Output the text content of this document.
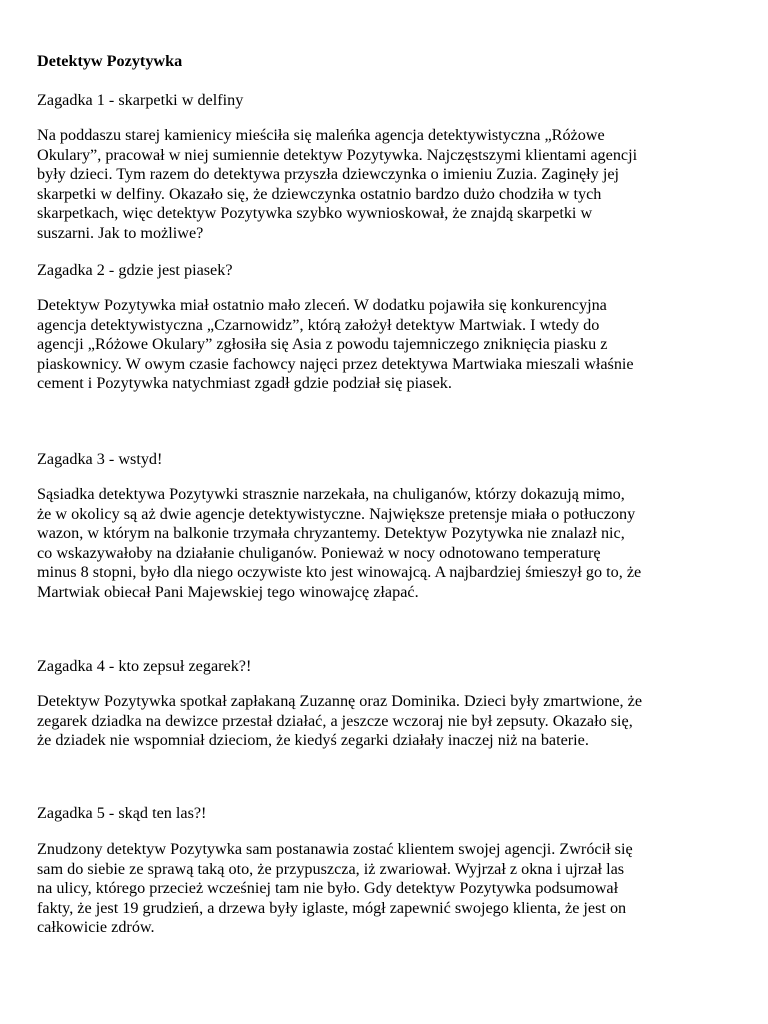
Detektyw Pozytywka

Zagadka 1 - skarpetki w delfiny

Na poddaszu starej kamienicy mieściła się maleńka agencja detektywistyczna „Różowe
Okulary”, pracował w niej sumiennie detektyw Pozytywka. Najczęstszymi klientami agencji
były dzieci. Tym razem do detektywa przyszła dziewczynka o imieniu Zuzia. Zaginęły jej
skarpetki w delfiny. Okazało się, że dziewczynka ostatnio bardzo dużo chodziła w tych
skarpetkach, więc detektyw Pozytywka szybko wywnioskował, że znajdą skarpetki w
suszarni. Jak to możliwe?

Zagadka 2 - gdzie jest piasek?

Detektyw Pozytywka miał ostatnio mało zleceń. W dodatku pojawiła się konkurencyjna
agencja detektywistyczna „Czarnowidz”, którą założył detektyw Martwiak. I wtedy do
agencji „Różowe Okulary” zgłosiła się Asia z powodu tajemniczego zniknięcia piasku z
piaskownicy. W owym czasie fachowcy najęci przez detektywa Martwiaka mieszali właśnie
cement i Pozytywka natychmiast zgadł gdzie podział się piasek.

Zagadka 3 - wstyd!

Sąsiadka detektywa Pozytywki strasznie narzekała, na chuliganów, którzy dokazują mimo,
że w okolicy są aż dwie agencje detektywistyczne. Największe pretensje miała o potłuczony
wazon, w którym na balkonie trzymała chryzantemy. Detektyw Pozytywka nie znalazł nic,
co wskazywałoby na działanie chuliganów. Ponieważ w nocy odnotowano temperaturę
minus 8 stopni, było dla niego oczywiste kto jest winowajcą. A najbardziej śmieszył go to, że
Martwiak obiecał Pani Majewskiej tego winowajcę złapać.

Zagadka 4 - kto zepsuł zegarek?!

Detektyw Pozytywka spotkał zapłakaną Zuzannę oraz Dominika. Dzieci były zmartwione, że
zegarek dziadka na dewizce przestał działać, a jeszcze wczoraj nie był zepsuty. Okazało się,
że dziadek nie wspomniał dzieciom, że kiedyś zegarki działały inaczej niż na baterie.

Zagadka 5 - skąd ten las?!

Znudzony detektyw Pozytywka sam postanawia zostać klientem swojej agencji. Zwrócił się
sam do siebie ze sprawą taką oto, że przypuszcza, iż zwariował. Wyjrzał z okna i ujrzał las
na ulicy, którego przecież wcześniej tam nie było. Gdy detektyw Pozytywka podsumował
fakty, że jest 19 grudzień, a drzewa były iglaste, mógł zapewnić swojego klienta, że jest on
całkowicie zdrów.
